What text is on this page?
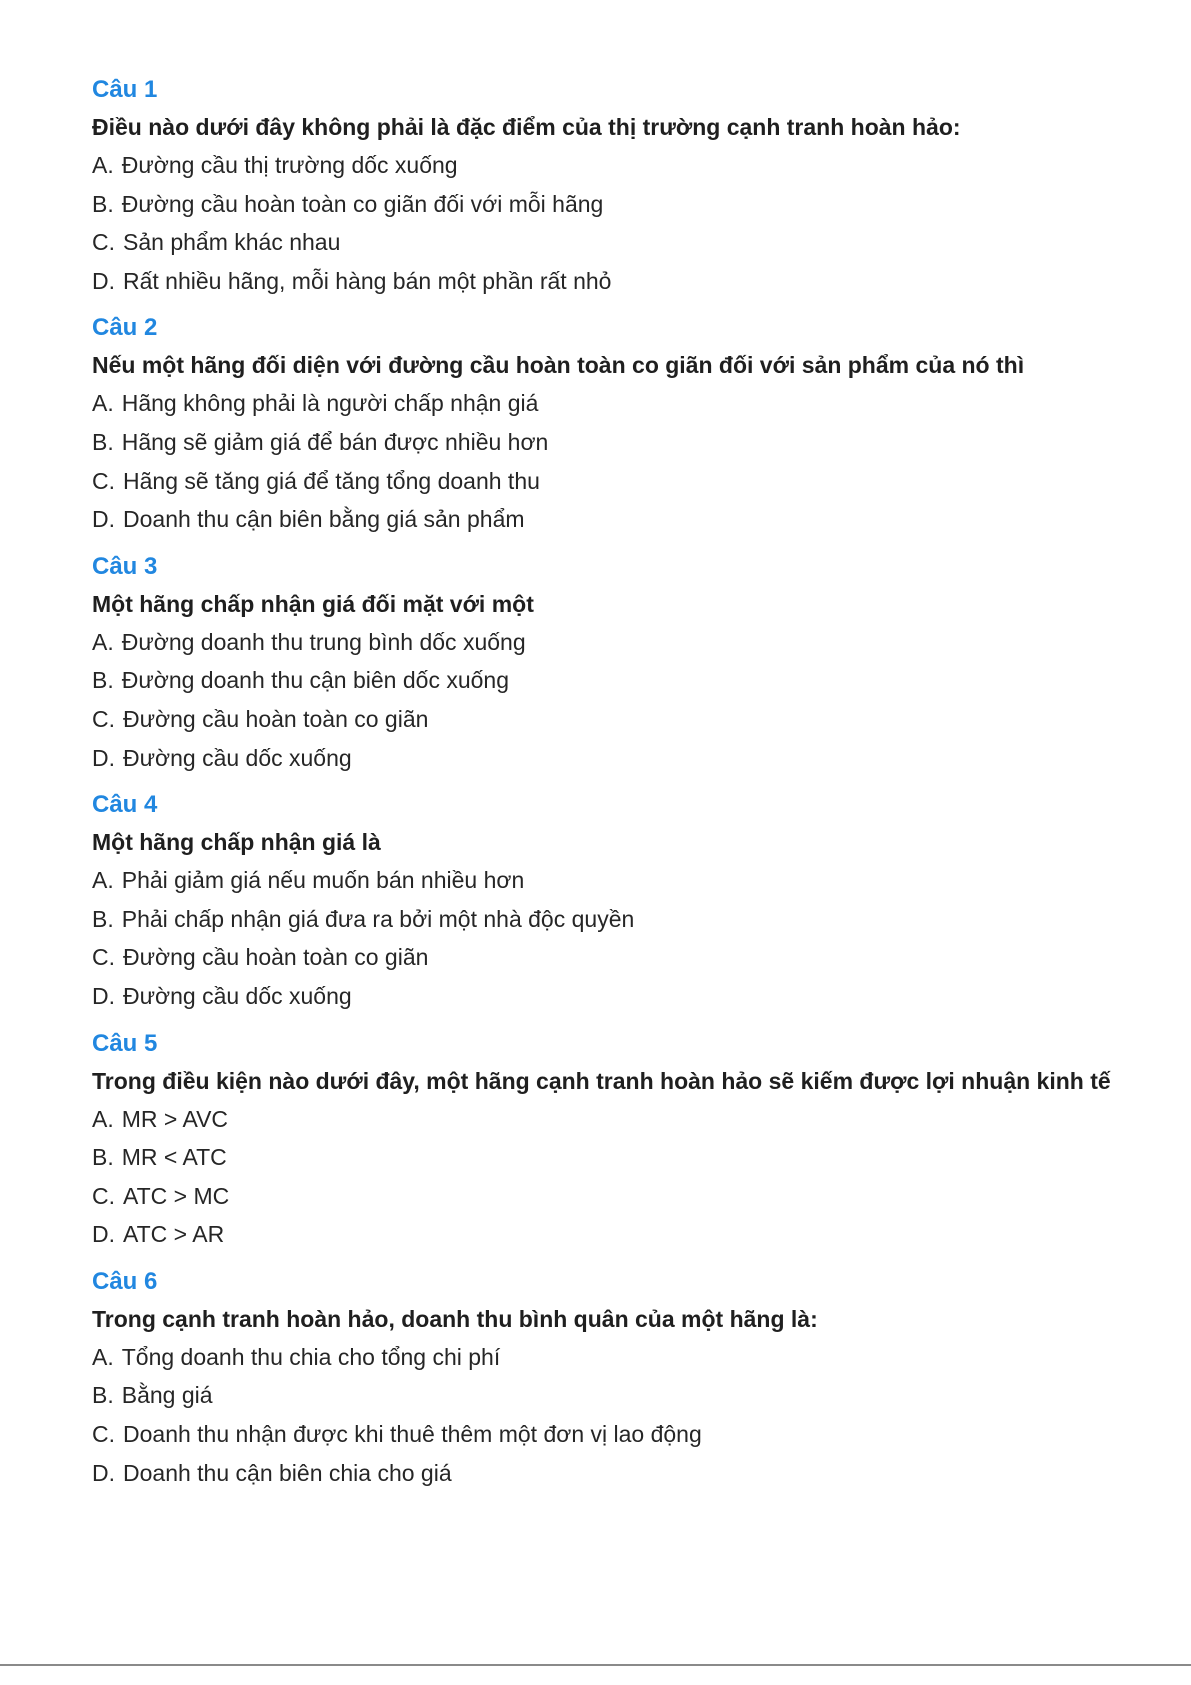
Câu 1
Điều nào dưới đây không phải là đặc điểm của thị trường cạnh tranh hoàn hảo:
A. Đường cầu thị trường dốc xuống
B. Đường cầu hoàn toàn co giãn đối với mỗi hãng
C. Sản phẩm khác nhau
D. Rất nhiều hãng, mỗi hàng bán một phần rất nhỏ
Câu 2
Nếu một hãng đối diện với đường cầu hoàn toàn co giãn đối với sản phẩm của nó thì
A. Hãng không phải là người chấp nhận giá
B. Hãng sẽ giảm giá để bán được nhiều hơn
C. Hãng sẽ tăng giá để tăng tổng doanh thu
D. Doanh thu cận biên bằng giá sản phẩm
Câu 3
Một hãng chấp nhận giá đối mặt với một
A. Đường doanh thu trung bình dốc xuống
B. Đường doanh thu cận biên dốc xuống
C. Đường cầu hoàn toàn co giãn
D. Đường cầu dốc xuống
Câu 4
Một hãng chấp nhận giá là
A. Phải giảm giá nếu muốn bán nhiều hơn
B. Phải chấp nhận giá đưa ra bởi một nhà độc quyền
C. Đường cầu hoàn toàn co giãn
D. Đường cầu dốc xuống
Câu 5
Trong điều kiện nào dưới đây, một hãng cạnh tranh hoàn hảo sẽ kiếm được lợi nhuận kinh tế
A. MR > AVC
B. MR < ATC
C. ATC > MC
D. ATC > AR
Câu 6
Trong cạnh tranh hoàn hảo, doanh thu bình quân của một hãng là:
A. Tổng doanh thu chia cho tổng chi phí
B. Bằng giá
C. Doanh thu nhận được khi thuê thêm một đơn vị lao động
D. Doanh thu cận biên chia cho giá
